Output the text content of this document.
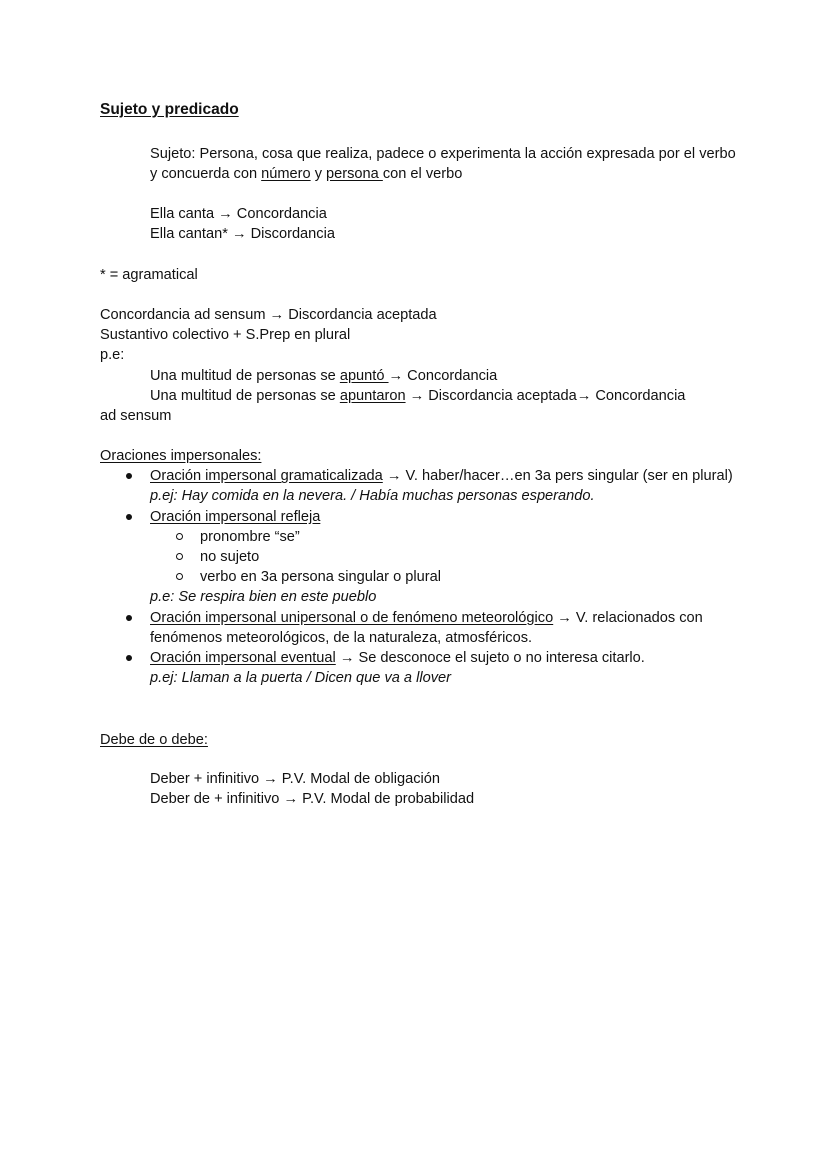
Sujeto y predicado

Sujeto: Persona, cosa que realiza, padece o experimenta la acción expresada por el verbo y concuerda con número y persona con el verbo

Ella canta → Concordancia

Ella cantan* → Discordancia

* = agramatical

Concordancia ad sensum → Discordancia aceptada

Sustantivo colectivo + S.Prep en plural

p.e:

Una multitud de personas se apuntó → Concordancia

Una multitud de personas se apuntaron → Discordancia aceptada→ Concordancia

ad sensum

Oraciones impersonales:

Oración impersonal gramaticalizada → V. haber/hacer…en 3a pers singular (ser en plural) p.ej: Hay comida en la nevera. / Había muchas personas esperando.
Oración impersonal refleja
pronombre “se”
no sujeto
verbo en 3a persona singular o plural

p.e: Se respira bien en este pueblo

Oración impersonal unipersonal o de fenómeno meteorológico → V. relacionados con fenómenos meteorológicos, de la naturaleza, atmosféricos.
Oración impersonal eventual → Se desconoce el sujeto o no interesa citarlo.

p.ej: Llaman a la puerta / Dicen que va a llover

Debe de o debe:

Deber + infinitivo → P.V. Modal de obligación

Deber de + infinitivo → P.V. Modal de probabilidad
